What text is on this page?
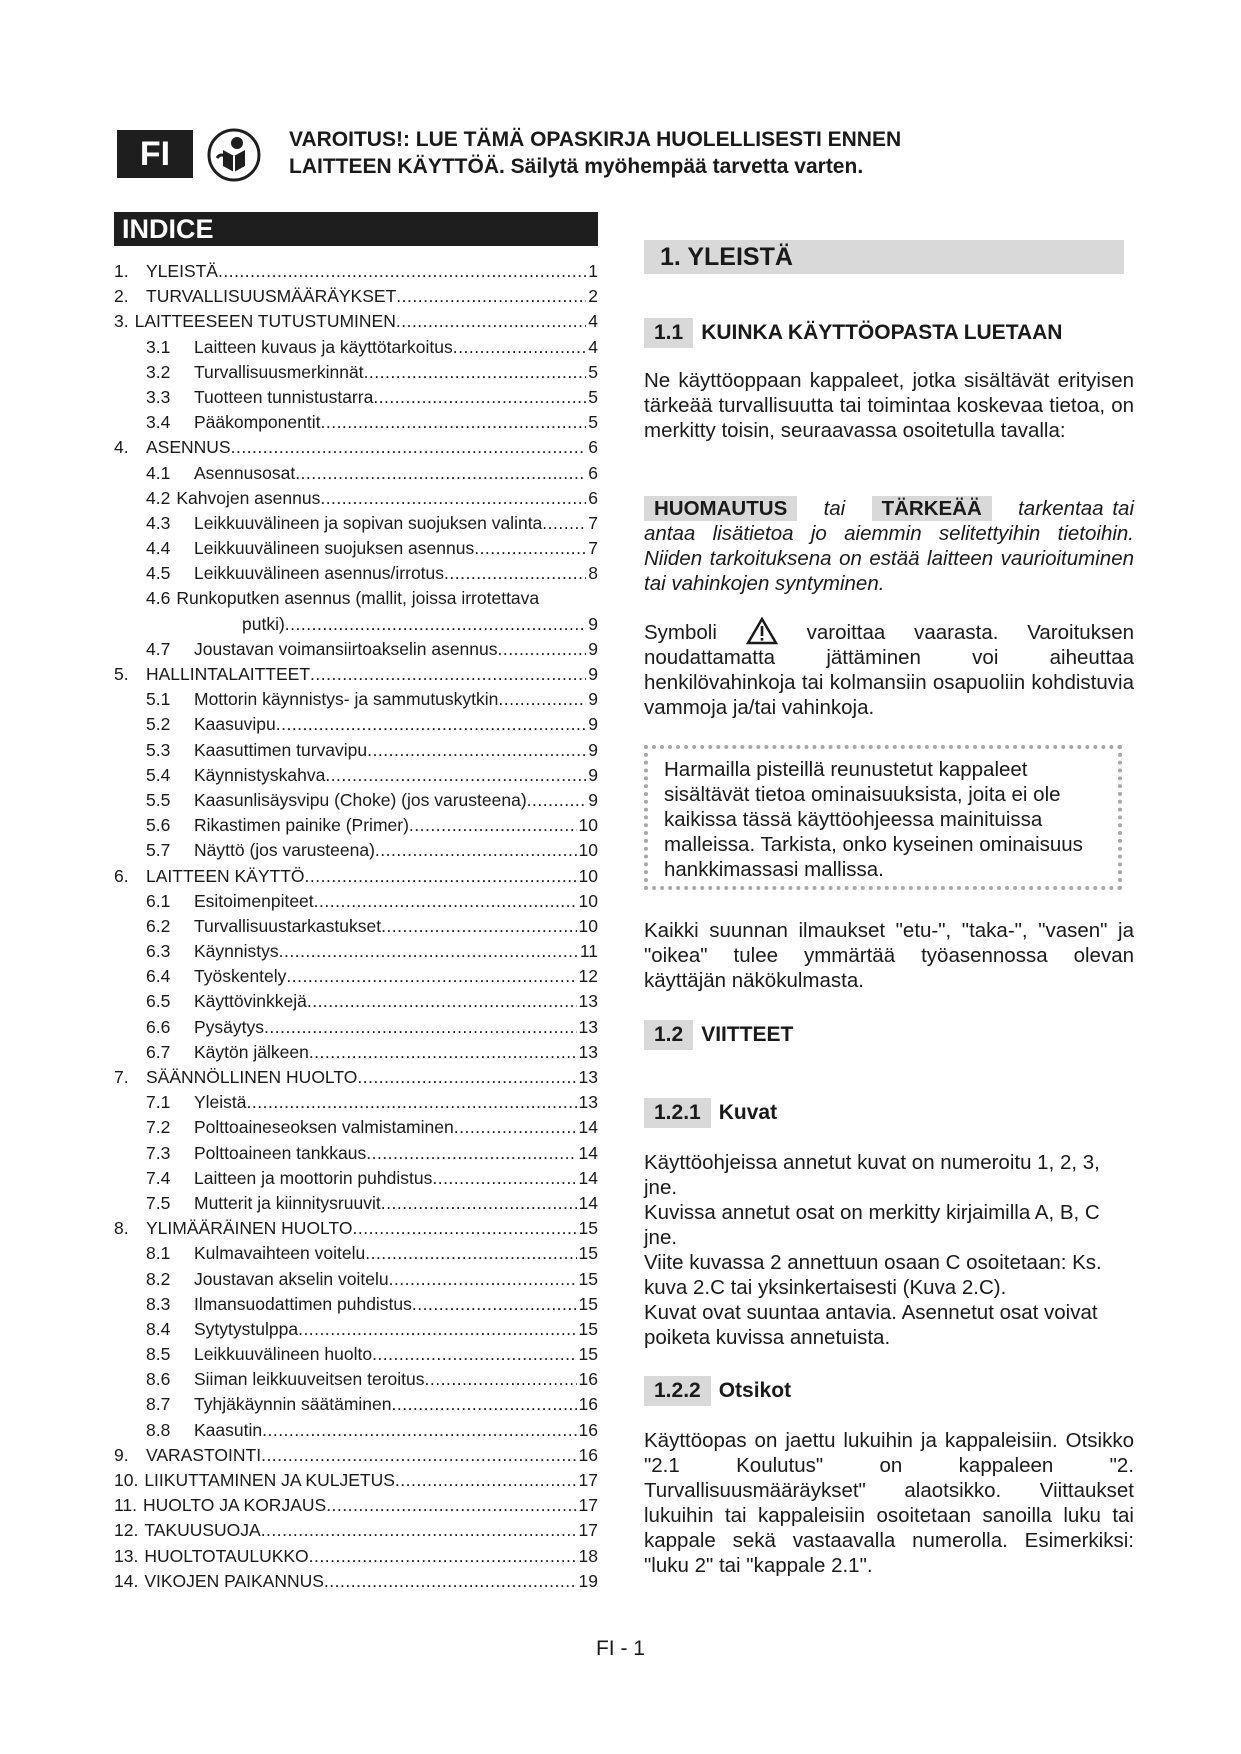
FI	VAROITUS!: LUE TÄMÄ OPASKIRJA HUOLELLISESTI ENNEN
LAITTEEN KÄYTTÖÄ. Säilytä myöhempää tarvetta varten.
INDICE
1. YLEISTÄ .....	1
2. TURVALLISUUSMÄÄRÄYKSET .....	2
3. LAITTEESEEN TUTUSTUMINEN .....	4
3.1	Laitteen kuvaus ja käyttötarkoitus .....	4
3.2	Turvallisuusmerkinnät .....	5
3.3	Tuotteen tunnistustarra .....	5
3.4	Pääkomponentit .....	5
4. ASENNUS .....	6
4.1	Asennusosat .....	6
4.2 Kahvojen asennus .....	6
4.3	Leikkuuvälineen ja sopivan suojuksen valinta .....	7
4.4	Leikkuuvälineen suojuksen asennus .....	7
4.5	Leikkuuvälineen asennus/irrotus .....	8
4.6 Runkoputken asennus (mallit, joissa irrotettava
putki) .....	9
4.7	Joustavan voimansiirtoakselin asennus .....	9
5. HALLINTALAITTEET .....	9
5.1	Mottorin käynnistys- ja sammutuskytkin .....	9
5.2	Kaasuvipu .....	9
5.3	Kaasuttimen turvavipu .....	9
5.4	Käynnistyskahva .....	9
5.5	Kaasunlisäysvipu (Choke) (jos varusteena) .....	9
5.6	Rikastimen painike (Primer) .....	10
5.7	Näyttö (jos varusteena) .....	10
6. LAITTEEN KÄYTTÖ .....	10
6.1	Esitoimenpiteet .....	10
6.2	Turvallisuustarkastukset .....	10
6.3	Käynnistys .....	11
6.4	Työskentely .....	12
6.5	Käyttövinkkejä .....	13
6.6	Pysäytys .....	13
6.7	Käytön jälkeen .....	13
7. SÄÄNNÖLLINEN HUOLTO .....	13
7.1	Yleistä .....	13
7.2	Polttoaineseoksen valmistaminen .....	14
7.3	Polttoaineen tankkaus .....	14
7.4	Laitteen ja moottorin puhdistus .....	14
7.5	Mutterit ja kiinnitysruuvit .....	14
8. YLIMÄÄRÄINEN HUOLTO .....	15
8.1	Kulmavaihteen voitelu .....	15
8.2	Joustavan akselin voitelu .....	15
8.3	Ilmansuodattimen puhdistus .....	15
8.4	Sytytystulppa .....	15
8.5	Leikkuuvälineen huolto .....	15
8.6	Siiman leikkuuveitsen teroitus .....	16
8.7	Tyhjäkäynnin säätäminen .....	16
8.8	Kaasutin .....	16
9. VARASTOINTI .....	16
10. LIIKUTTAMINEN JA KULJETUS .....	17
11. HUOLTO JA KORJAUS .....	17
12. TAKUUSUOJA .....	17
13. HUOLTOTAULUKKO .....	18
14. VIKOJEN PAIKANNUS .....	19
1. YLEISTÄ
1.1 KUINKA KÄYTTÖOPASTA LUETAAN

Ne käyttöoppaan kappaleet, jotka sisältävät erityisen tärkeää turvallisuutta tai toimintaa koskevaa tietoa, on merkitty toisin, seuraavassa osoitetulla tavalla:

HUOMAUTUS tai TÄRKEÄÄ tarkentaa tai antaa lisätietoa jo aiemmin selitettyihin tietoihin. Niiden tarkoituksena on estää laitteen vaurioituminen tai vahinkojen syntyminen.

Symboli	varoittaa vaarasta. Varoituksen noudattamatta jättäminen voi aiheuttaa henkilövahinkoja tai kolmansiin osapuoliin kohdistuvia vammoja ja/tai vahinkoja.

Harmailla pisteillä reunustetut kappaleet sisältävät tietoa ominaisuuksista, joita ei ole kaikissa tässä käyttöohjeessa mainituissa malleissa. Tarkista, onko kyseinen ominaisuus hankkimassasi mallissa.

Kaikki suunnan ilmaukset "etu-", "taka-", "vasen" ja "oikea" tulee ymmärtää työasennossa olevan käyttäjän näkökulmasta.

1.2 VIITTEET
1.2.1 Kuvat

Käyttöohjeissa annetut kuvat on numeroitu 1, 2, 3, jne.

Kuvissa annetut osat on merkitty kirjaimilla A, B, C jne.

Viite kuvassa 2 annettuun osaan C osoitetaan: Ks. kuva 2.C tai yksinkertaisesti (Kuva 2.C).

Kuvat ovat suuntaa antavia. Asennetut osat voivat poiketa kuvissa annetuista.

1.2.2 Otsikot

Käyttöopas on jaettu lukuihin ja kappaleisiin. Otsikko "2.1 Koulutus" on kappaleen "2. Turvallisuusmääräykset" alaotsikko. Viittaukset lukuihin tai kappaleisiin osoitetaan sanoilla luku tai kappale sekä vastaavalla numerolla. Esimerkiksi: "luku 2" tai "kappale 2.1".

FI - 1
